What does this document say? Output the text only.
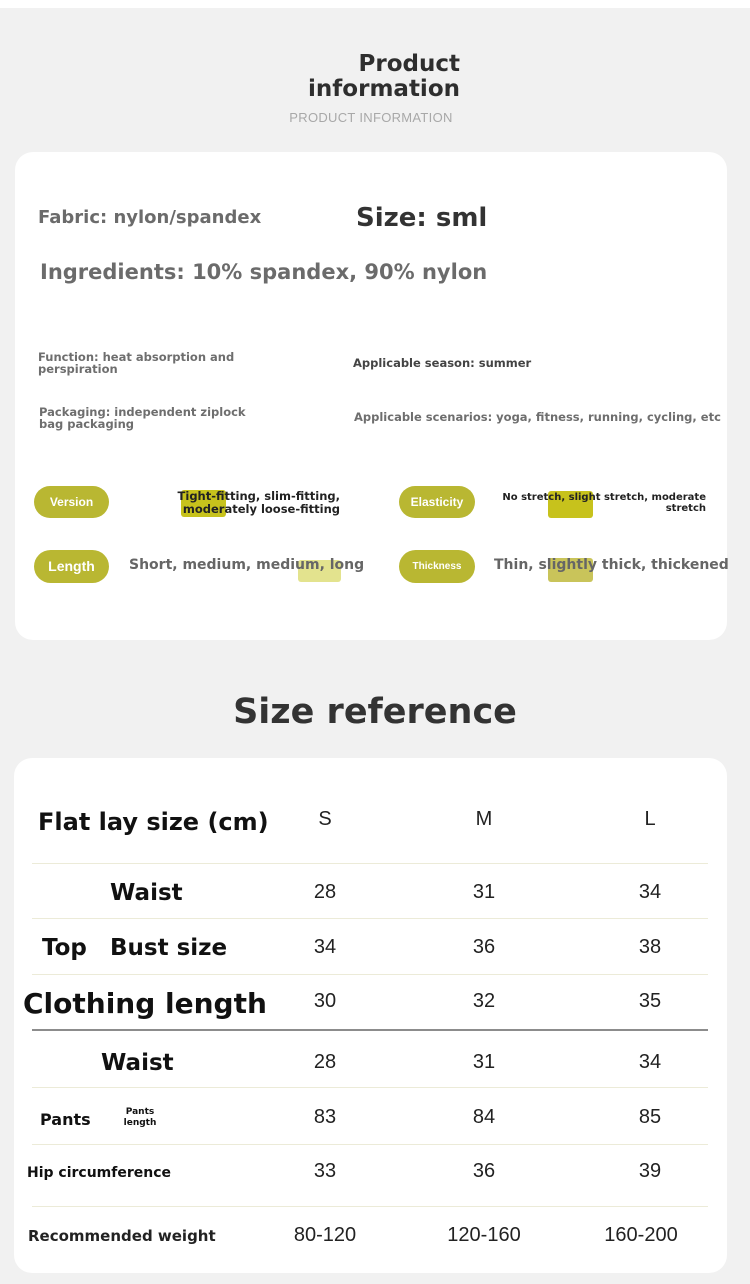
Product
information
PRODUCT INFORMATION
Fabric: nylon/spandex	Size: sml
Ingredients: 10% spandex, 90% nylon
Function: heat absorption and perspiration	Applicable season: summer
Packaging: independent ziplock bag packaging	Applicable scenarios: yoga, fitness, running, cycling, etc
Version	Tight-fitting, slim-fitting, moderately loose-fitting	Elasticity	No stretch, slight stretch, moderate stretch
Length	Short, medium, medium, long	Thickness	Thin, slightly thick, thickened
Size reference
Flat lay size (cm)	S	M	L
Waist	28	31	34
Top Bust size	34	36	38
Clothing length	30	32	35
Waist	28	31	34
Pants	Pants length	83	84	85
Hip circumference	33	36	39
Recommended weight	80-120	120-160	160-200
